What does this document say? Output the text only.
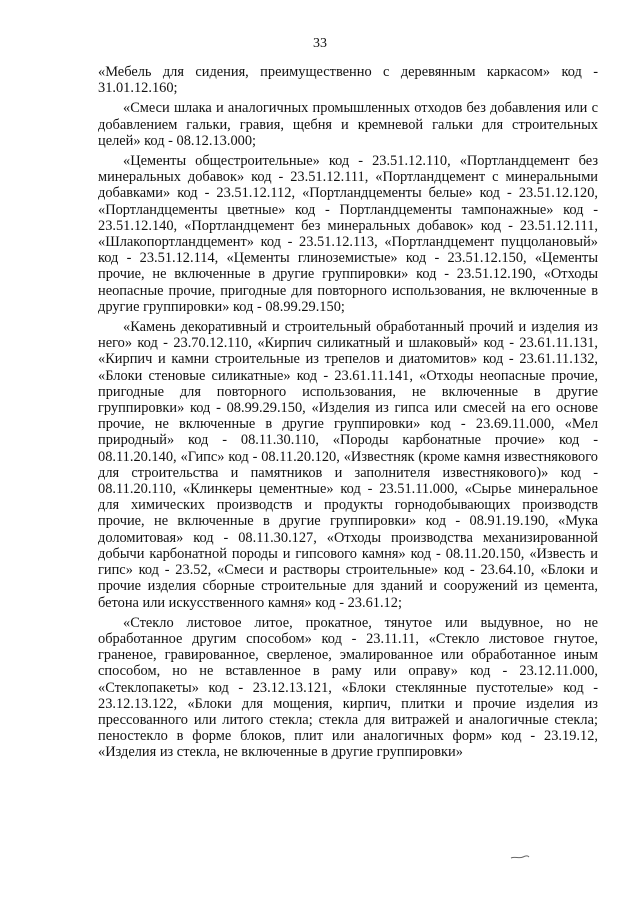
33

«Мебель для сидения, преимущественно с деревянным каркасом» код - 31.01.12.160;

«Смеси шлака и аналогичных промышленных отходов без добавления или с добавлением гальки, гравия, щебня и кремневой гальки для строительных целей» код - 08.12.13.000;

«Цементы общестроительные» код - 23.51.12.110, «Портландцемент без минеральных добавок» код - 23.51.12.111, «Портландцемент с минеральными добавками» код - 23.51.12.112, «Портландцементы белые» код - 23.51.12.120, «Портландцементы цветные» код - Портландцементы тампонажные» код - 23.51.12.140, «Портландцемент без минеральных добавок» код - 23.51.12.111, «Шлакопортландцемент» код - 23.51.12.113, «Портландцемент пуццолановый» код - 23.51.12.114, «Цементы глиноземистые» код - 23.51.12.150, «Цементы прочие, не включенные в другие группировки» код - 23.51.12.190, «Отходы неопасные прочие, пригодные для повторного использования, не включенные в другие группировки» код - 08.99.29.150;

«Камень декоративный и строительный обработанный прочий и изделия из него» код - 23.70.12.110, «Кирпич силикатный и шлаковый» код - 23.61.11.131, «Кирпич и камни строительные из трепелов и диатомитов» код - 23.61.11.132, «Блоки стеновые силикатные» код - 23.61.11.141, «Отходы неопасные прочие, пригодные для повторного использования, не включенные в другие группировки» код - 08.99.29.150, «Изделия из гипса или смесей на его основе прочие, не включенные в другие группировки» код - 23.69.11.000, «Мел природный» код - 08.11.30.110, «Породы карбонатные прочие» код - 08.11.20.140, «Гипс» код - 08.11.20.120, «Известняк (кроме камня известнякового для строительства и памятников и заполнителя известнякового)» код - 08.11.20.110, «Клинкеры цементные» код - 23.51.11.000, «Сырье минеральное для химических производств и продукты горнодобывающих производств прочие, не включенные в другие группировки» код - 08.91.19.190, «Мука доломитовая» код - 08.11.30.127, «Отходы производства механизированной добычи карбонатной породы и гипсового камня» код - 08.11.20.150, «Известь и гипс» код - 23.52, «Смеси и растворы строительные» код - 23.64.10, «Блоки и прочие изделия сборные строительные для зданий и сооружений из цемента, бетона или искусственного камня» код - 23.61.12;

«Стекло листовое литое, прокатное, тянутое или выдувное, но не обработанное другим способом» код - 23.11.11, «Стекло листовое гнутое, граненое, гравированное, сверленое, эмалированное или обработанное иным способом, но не вставленное в раму или оправу» код - 23.12.11.000, «Стеклопакеты» код - 23.12.13.121, «Блоки стеклянные пустотелые» код - 23.12.13.122, «Блоки для мощения, кирпич, плитки и прочие изделия из прессованного или литого стекла; стекла для витражей и аналогичные стекла; пеностекло в форме блоков, плит или аналогичных форм» код - 23.19.12, «Изделия из стекла, не включенные в другие группировки»
